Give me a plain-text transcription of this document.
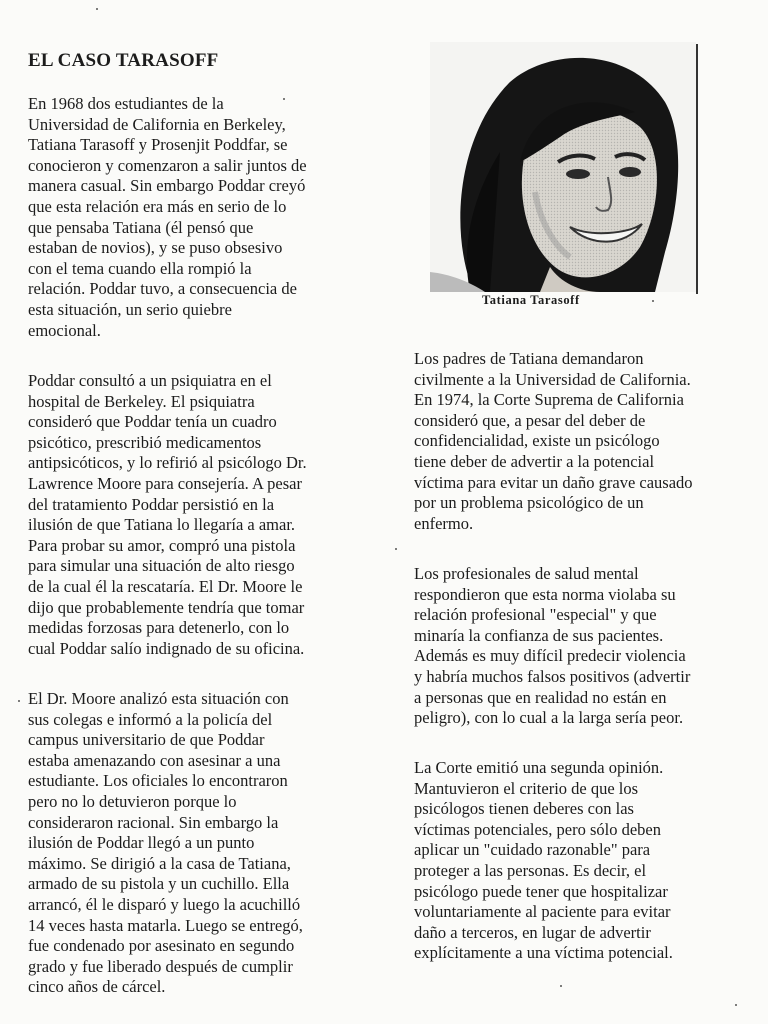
EL CASO TARASOFF

En 1968 dos estudiantes de la
Universidad de California en Berkeley,
Tatiana Tarasoff y Prosenjit Poddfar, se
conocieron y comenzaron a salir juntos de
manera casual. Sin embargo Poddar creyó
que esta relación era más en serio de lo
que pensaba Tatiana (él pensó que
estaban de novios), y se puso obsesivo
con el tema cuando ella rompió la
relación. Poddar tuvo, a consecuencia de
esta situación, un serio quiebre
emocional.

Poddar consultó a un psiquiatra en el
hospital de Berkeley. El psiquiatra
consideró que Poddar tenía un cuadro
psicótico, prescribió medicamentos
antipsicóticos, y lo refirió al psicólogo Dr.
Lawrence Moore para consejería. A pesar
del tratamiento Poddar persistió en la
ilusión de que Tatiana lo llegaría a amar.
Para probar su amor, compró una pistola
para simular una situación de alto riesgo
de la cual él la rescataría. El Dr. Moore le
dijo que probablemente tendría que tomar
medidas forzosas para detenerlo, con lo
cual Poddar salío indignado de su oficina.

El Dr. Moore analizó esta situación con
sus colegas e informó a la policía del
campus universitario de que Poddar
estaba amenazando con asesinar a una
estudiante. Los oficiales lo encontraron
pero no lo detuvieron porque lo
consideraron racional. Sin embargo la
ilusión de Poddar llegó a un punto
máximo. Se dirigió a la casa de Tatiana,
armado de su pistola y un cuchillo. Ella
arrancó, él le disparó y luego la acuchilló
14 veces hasta matarla. Luego se entregó,
fue condenado por asesinato en segundo
grado y fue liberado después de cumplir
cinco años de cárcel.

Tatiana Tarasoff

Los padres de Tatiana demandaron
civilmente a la Universidad de California.
En 1974, la Corte Suprema de California
consideró que, a pesar del deber de
confidencialidad, existe un psicólogo
tiene deber de advertir a la potencial
víctima para evitar un daño grave causado
por un problema psicológico de un
enfermo.

Los profesionales de salud mental
respondieron que esta norma violaba su
relación profesional "especial" y que
minaría la confianza de sus pacientes.
Además es muy difícil predecir violencia
y habría muchos falsos positivos (advertir
a personas que en realidad no están en
peligro), con lo cual a la larga sería peor.

La Corte emitió una segunda opinión.
Mantuvieron el criterio de que los
psicólogos tienen deberes con las
víctimas potenciales, pero sólo deben
aplicar un "cuidado razonable" para
proteger a las personas. Es decir, el
psicólogo puede tener que hospitalizar
voluntariamente al paciente para evitar
daño a terceros, en lugar de advertir
explícitamente a una víctima potencial.
